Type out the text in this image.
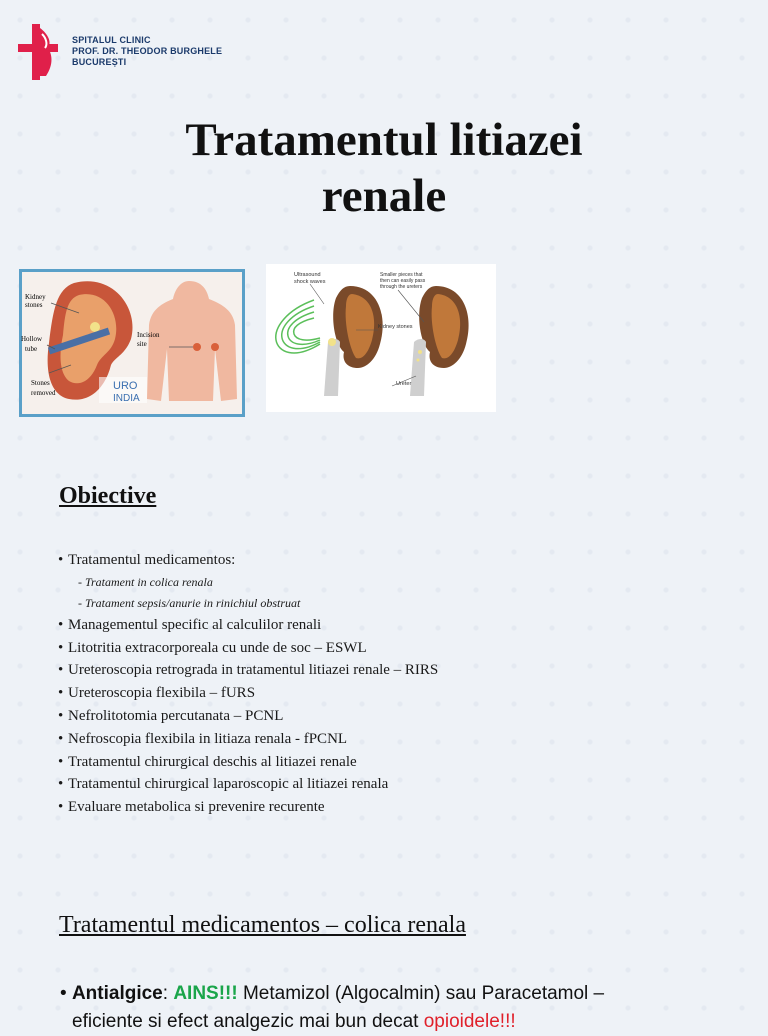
SPITALUL CLINIC
PROF. DR. THEODOR BURGHELE
BUCUREȘTI
Tratamentul litiazei
renale
Kidney
stones
Hollow
tube
Stones
removed
Incision
site
URO
INDIA
Ultrasound
shock waves
Smaller pieces that
then can easily pass
through the ureters
Kidney stones
Ureter
Obiective
• Tratamentul medicamentos:
- Tratament in colica renala
- Tratament sepsis/anurie in rinichiul obstruat
• Managementul specific al calculilor renali
• Litotritia extracorporeala cu unde de soc – ESWL
• Ureteroscopia retrograda in tratamentul litiazei renale – RIRS
• Ureteroscopia flexibila – fURS
• Nefrolitotomia percutanata – PCNL
• Nefroscopia flexibila in litiaza renala - fPCNL
• Tratamentul chirurgical deschis al litiazei renale
• Tratamentul chirurgical laparoscopic al litiazei renala
• Evaluare metabolica si prevenire recurente
Tratamentul medicamentos – colica renala
• Antialgice: AINS!!! Metamizol (Algocalmin) sau Paracetamol –
eficiente si efect analgezic mai bun decat opioidele!!!
